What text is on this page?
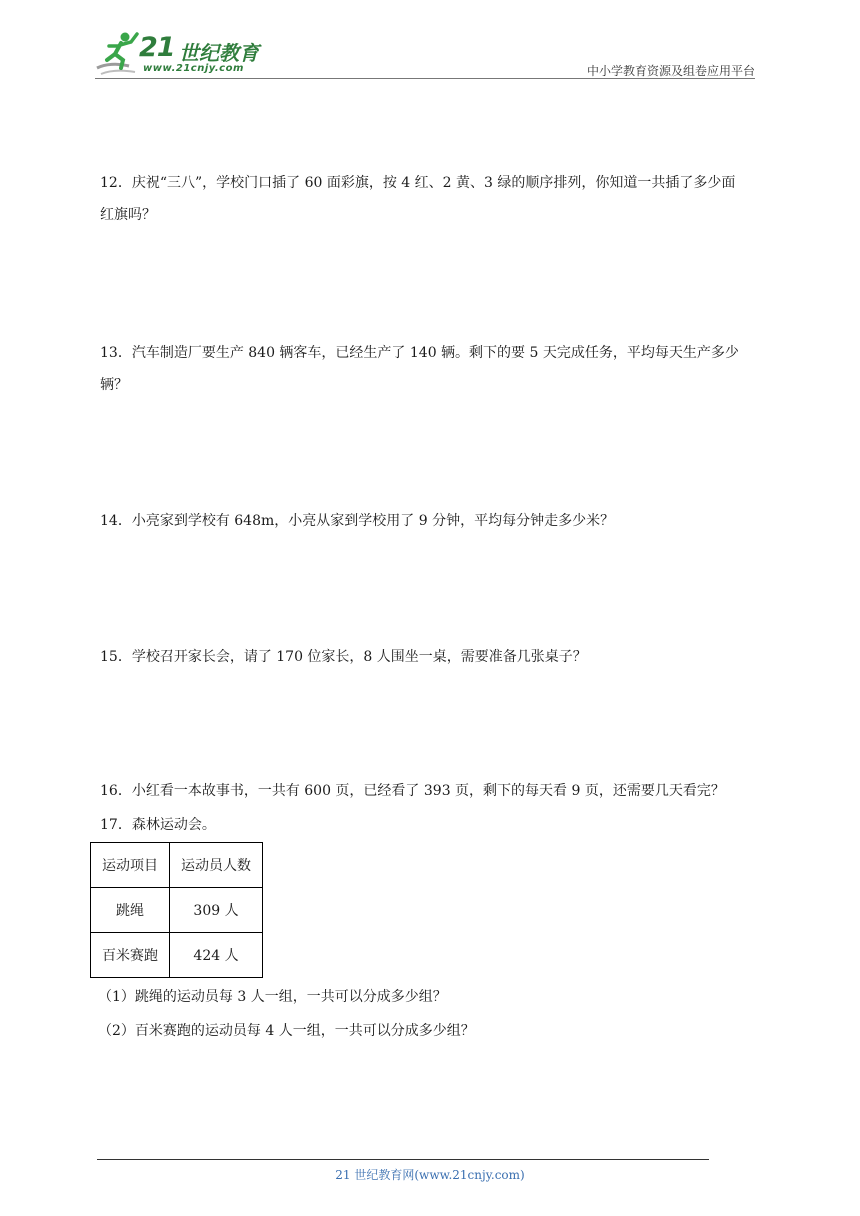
21 世纪教育
www.21cnjy.com	中小学教育资源及组卷应用平台
12．庆祝“三八”，学校门口插了 60 面彩旗，按 4 红、2 黄、3 绿的顺序排列，你知道一共插了多少面
红旗吗？
13．汽车制造厂要生产 840 辆客车，已经生产了 140 辆。剩下的要 5 天完成任务，平均每天生产多少
辆？
14．小亮家到学校有 648m，小亮从家到学校用了 9 分钟，平均每分钟走多少米？
15．学校召开家长会，请了 170 位家长，8 人围坐一桌，需要准备几张桌子？
16．小红看一本故事书，一共有 600 页，已经看了 393 页，剩下的每天看 9 页，还需要几天看完？
17．森林运动会。
运动项目	运动员人数
跳绳	309 人
百米赛跑	424 人
（1）跳绳的运动员每 3 人一组，一共可以分成多少组？
（2）百米赛跑的运动员每 4 人一组，一共可以分成多少组？
21 世纪教育网(www.21cnjy.com)
